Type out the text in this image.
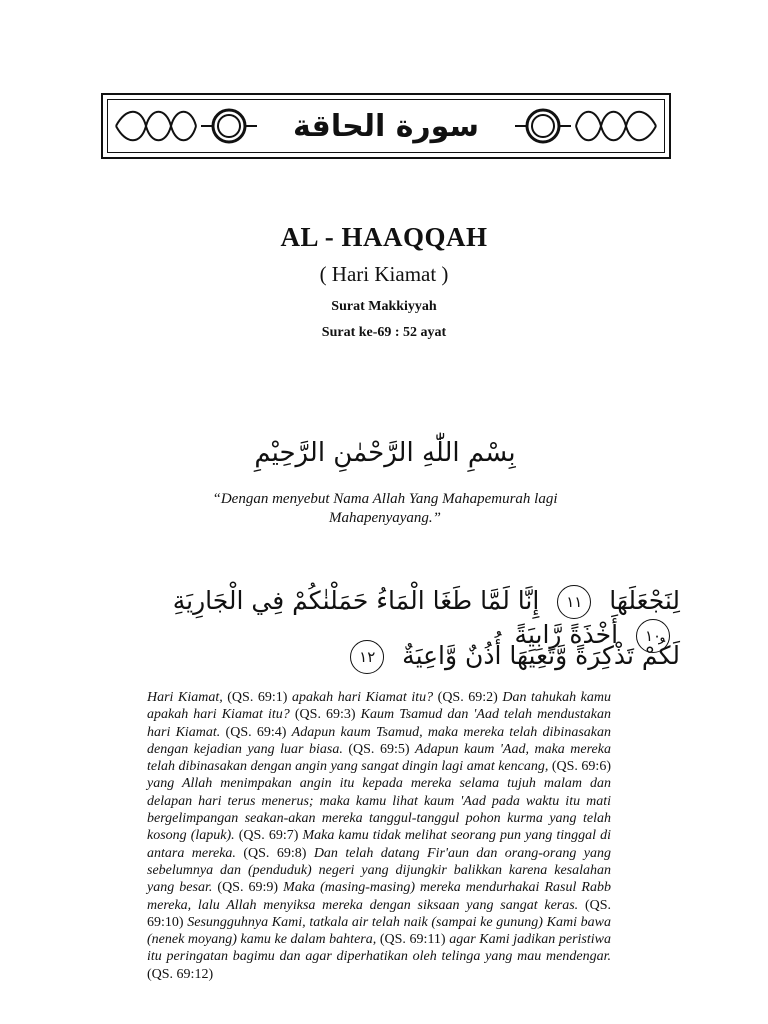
سورة الحاقة
AL - HAAQQAH
( Hari Kiamat )
Surat Makkiyyah
Surat ke-69 : 52 ayat
بِسْمِ اللّٰهِ الرَّحْمٰنِ الرَّحِيْمِ
“Dengan menyebut Nama Allah Yang Mahapemurah lagi Mahapenyayang.”
لِنَجْعَلَهَا ١١ إِنَّا لَمَّا طَغَا الْمَاءُ حَمَلْنٰكُمْ فِي الْجَارِيَةِ ١٠ أَخْذَةً رَّابِيَةً
لَكُمْ تَذْكِرَةً وَّتَعِيَهَا أُذُنٌ وَّاعِيَةٌ ١٢

Hari Kiamat, (QS. 69:1) apakah hari Kiamat itu? (QS. 69:2) Dan tahukah kamu apakah hari Kiamat itu? (QS. 69:3) Kaum Tsamud dan 'Aad telah mendustakan hari Kiamat. (QS. 69:4) Adapun kaum Tsamud, maka mereka telah dibinasakan dengan kejadian yang luar biasa. (QS. 69:5) Adapun kaum 'Aad, maka mereka telah dibinasakan dengan angin yang sangat dingin lagi amat kencang, (QS. 69:6) yang Allah menimpakan angin itu kepada mereka selama tujuh malam dan delapan hari terus menerus; maka kamu lihat kaum 'Aad pada waktu itu mati bergelimpangan seakan-akan mereka tanggul-tanggul pohon kurma yang telah kosong (lapuk). (QS. 69:7) Maka kamu tidak melihat seorang pun yang tinggal di antara mereka. (QS. 69:8) Dan telah datang Fir'aun dan orang-orang yang sebelumnya dan (penduduk) negeri yang dijungkir balikkan karena kesalahan yang besar. (QS. 69:9) Maka (masing-masing) mereka mendurhakai Rasul Rabb mereka, lalu Allah menyiksa mereka dengan siksaan yang sangat keras. (QS. 69:10) Sesungguhnya Kami, tatkala air telah naik (sampai ke gunung) Kami bawa (nenek moyang) kamu ke dalam bahtera, (QS. 69:11) agar Kami jadikan peristiwa itu peringatan bagimu dan agar diperhatikan oleh telinga yang mau mendengar. (QS. 69:12)
